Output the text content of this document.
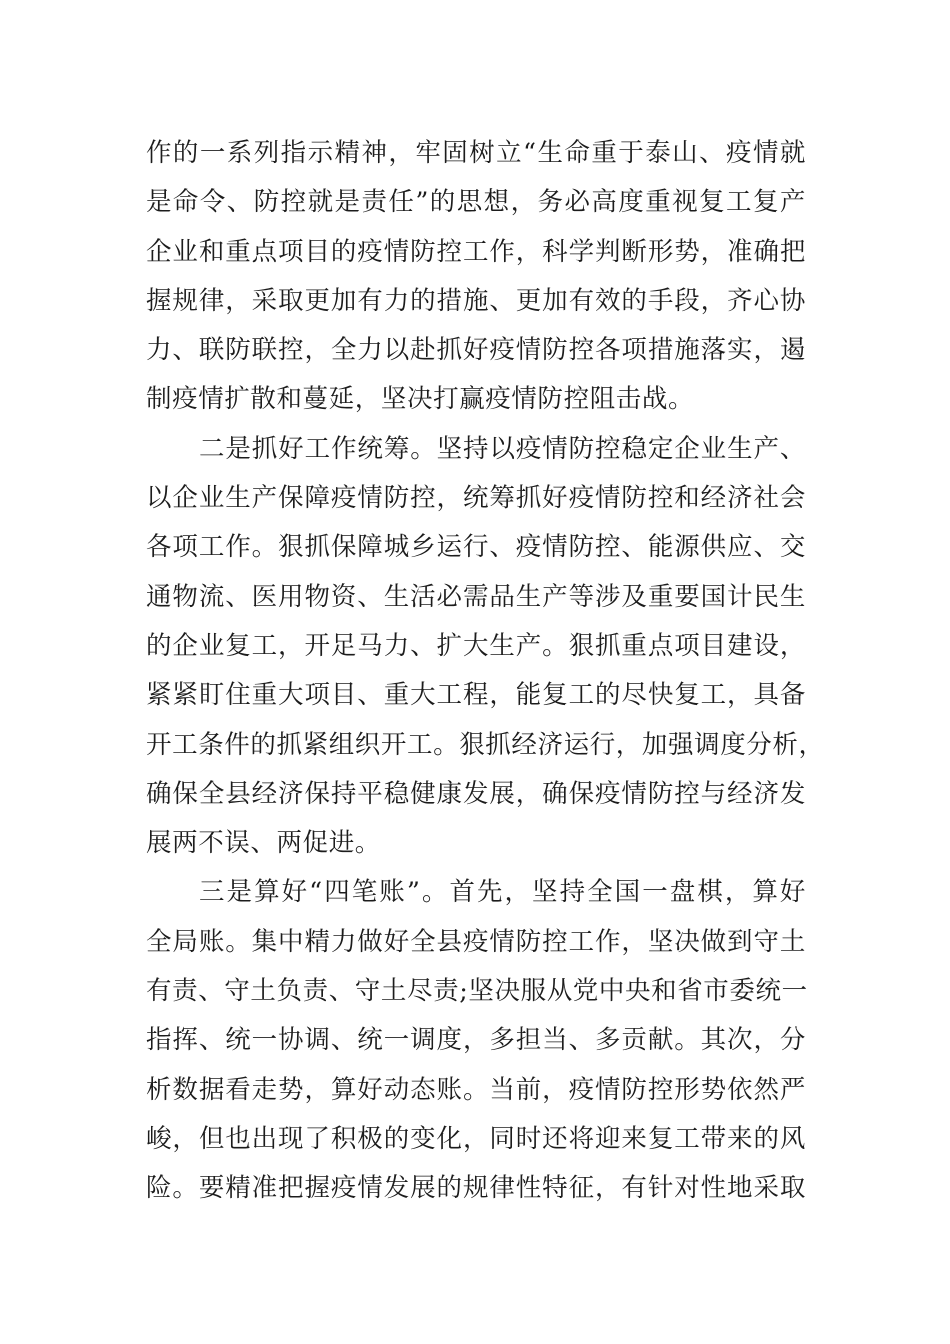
作的一系列指示精神，牢固树立“生命重于泰山、疫情就
是命令、防控就是责任”的思想，务必高度重视复工复产
企业和重点项目的疫情防控工作，科学判断形势，准确把
握规律，采取更加有力的措施、更加有效的手段，齐心协
力、联防联控，全力以赴抓好疫情防控各项措施落实，遏
制疫情扩散和蔓延，坚决打赢疫情防控阻击战。
二是抓好工作统筹。坚持以疫情防控稳定企业生产、
以企业生产保障疫情防控，统筹抓好疫情防控和经济社会
各项工作。狠抓保障城乡运行、疫情防控、能源供应、交
通物流、医用物资、生活必需品生产等涉及重要国计民生
的企业复工，开足马力、扩大生产。狠抓重点项目建设，
紧紧盯住重大项目、重大工程，能复工的尽快复工，具备
开工条件的抓紧组织开工。狠抓经济运行，加强调度分析，
确保全县经济保持平稳健康发展，确保疫情防控与经济发
展两不误、两促进。
三是算好“四笔账”。首先，坚持全国一盘棋，算好
全局账。集中精力做好全县疫情防控工作，坚决做到守土
有责、守土负责、守土尽责;坚决服从党中央和省市委统一
指挥、统一协调、统一调度，多担当、多贡献。其次，分
析数据看走势，算好动态账。当前，疫情防控形势依然严
峻，但也出现了积极的变化，同时还将迎来复工带来的风
险。要精准把握疫情发展的规律性特征，有针对性地采取
